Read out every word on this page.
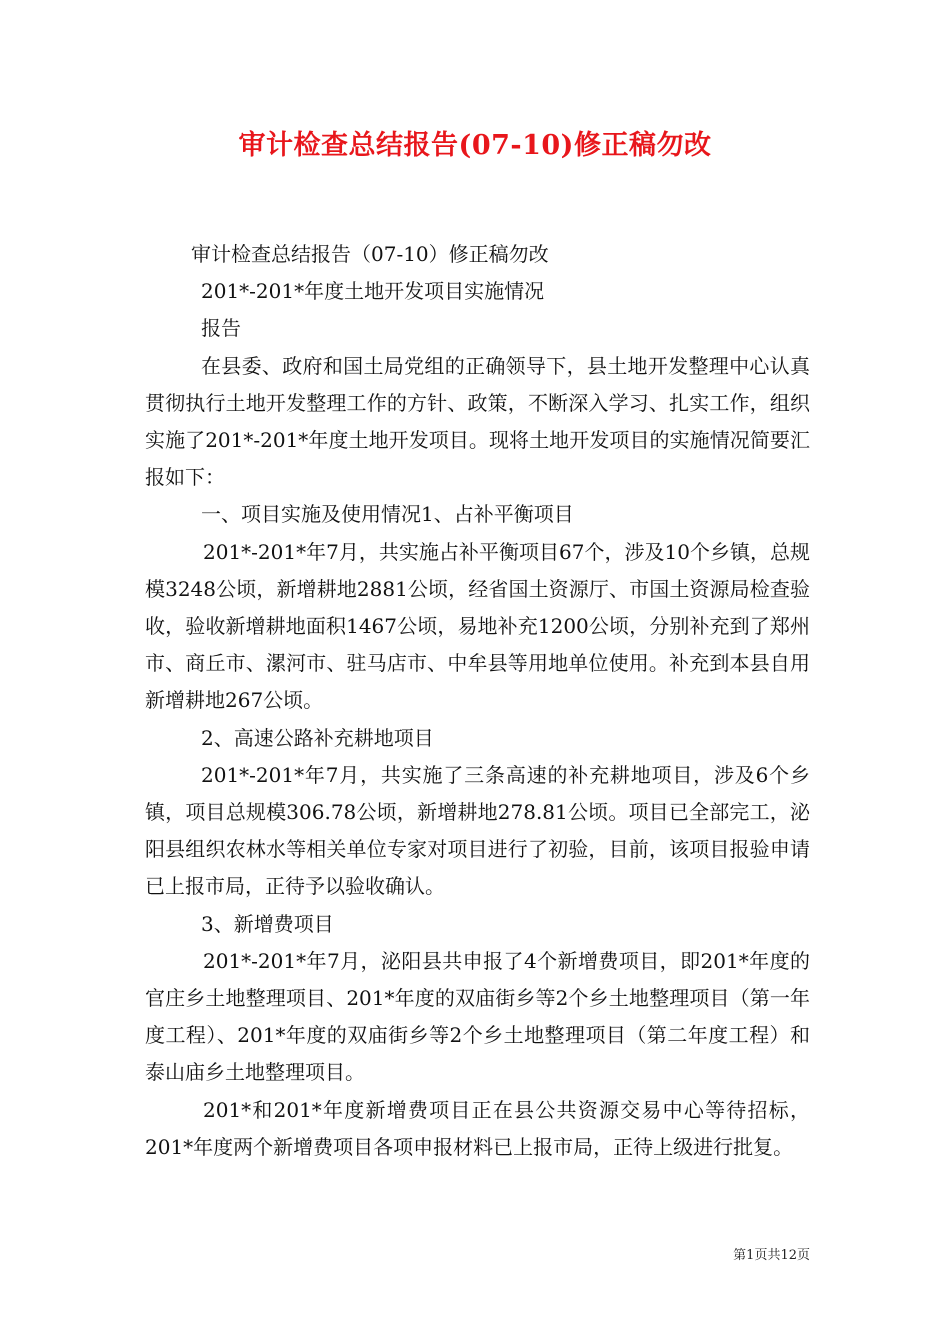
审计检查总结报告(07-10)修正稿勿改

审计检查总结报告（07-10）修正稿勿改

201*-201*年度土地开发项目实施情况

报告

在县委、政府和国土局党组的正确领导下，县土地开发整理中心认真贯彻执行土地开发整理工作的方针、政策，不断深入学习、扎实工作，组织实施了201*-201*年度土地开发项目。现将土地开发项目的实施情况简要汇报如下：

一、项目实施及使用情况1、占补平衡项目

201*-201*年7月，共实施占补平衡项目67个，涉及10个乡镇，总规模3248公顷，新增耕地2881公顷，经省国土资源厅、市国土资源局检查验收，验收新增耕地面积1467公顷，易地补充1200公顷，分别补充到了郑州市、商丘市、漯河市、驻马店市、中牟县等用地单位使用。补充到本县自用新增耕地267公顷。

2、高速公路补充耕地项目

201*-201*年7月，共实施了三条高速的补充耕地项目，涉及6个乡镇，项目总规模306.78公顷，新增耕地278.81公顷。项目已全部完工，泌阳县组织农林水等相关单位专家对项目进行了初验，目前，该项目报验申请已上报市局，正待予以验收确认。

3、新增费项目

201*-201*年7月，泌阳县共申报了4个新增费项目，即201*年度的官庄乡土地整理项目、201*年度的双庙街乡等2个乡土地整理项目（第一年度工程）、201*年度的双庙街乡等2个乡土地整理项目（第二年度工程）和泰山庙乡土地整理项目。

201*和201*年度新增费项目正在县公共资源交易中心等待招标，201*年度两个新增费项目各项申报材料已上报市局，正待上级进行批复。

第1页共12页
